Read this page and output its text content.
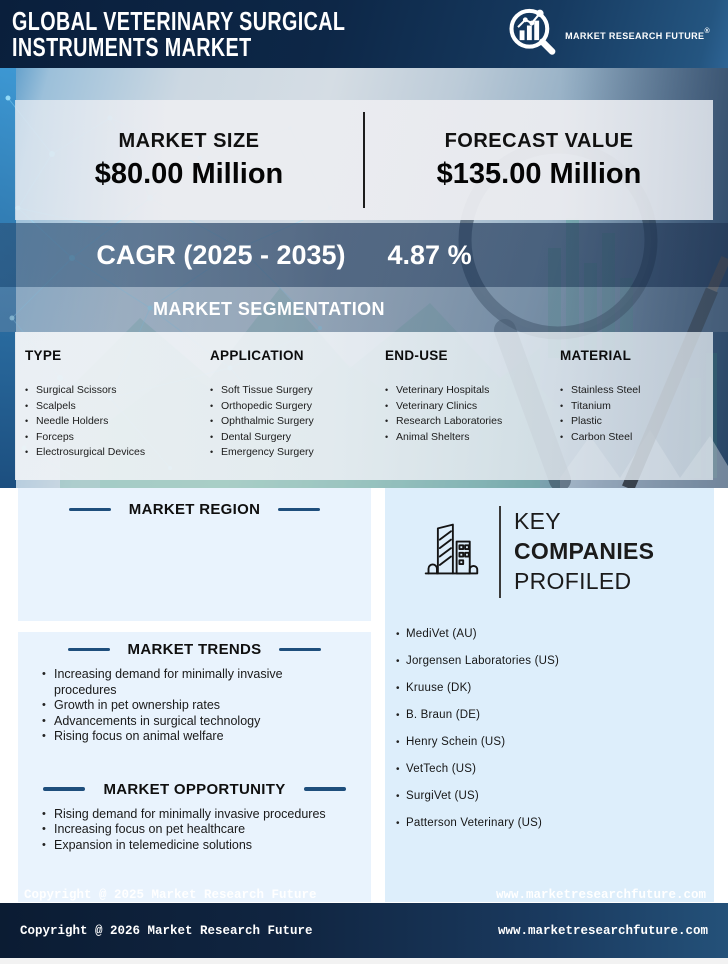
GLOBAL VETERINARY SURGICAL
INSTRUMENTS MARKET	MARKET RESEARCH FUTURE®
MARKET SIZE
$80.00 Million
FORECAST VALUE
$135.00 Million
CAGR (2025 - 2035) 4.87 %
MARKET SEGMENTATION
TYPE
• Surgical Scissors
• Scalpels
• Needle Holders
• Forceps
• Electrosurgical Devices
APPLICATION
• Soft Tissue Surgery
• Orthopedic Surgery
• Ophthalmic Surgery
• Dental Surgery
• Emergency Surgery
END-USE
• Veterinary Hospitals
• Veterinary Clinics
• Research Laboratories
• Animal Shelters
MATERIAL
• Stainless Steel
• Titanium
• Plastic
• Carbon Steel
MARKET REGION
MARKET TRENDS
• Increasing demand for minimally invasive procedures
• Growth in pet ownership rates
• Advancements in surgical technology
• Rising focus on animal welfare
MARKET OPPORTUNITY
• Rising demand for minimally invasive procedures
• Increasing focus on pet healthcare
• Expansion in telemedicine solutions
Copyright @ 2025 Market Research Future
KEY
COMPANIES
PROFILED
• MediVet (AU)
• Jorgensen Laboratories (US)
• Kruuse (DK)
• B. Braun (DE)
• Henry Schein (US)
• VetTech (US)
• SurgiVet (US)
• Patterson Veterinary (US)
www.marketresearchfuture.com
Copyright @ 2026 Market Research Future	www.marketresearchfuture.com
